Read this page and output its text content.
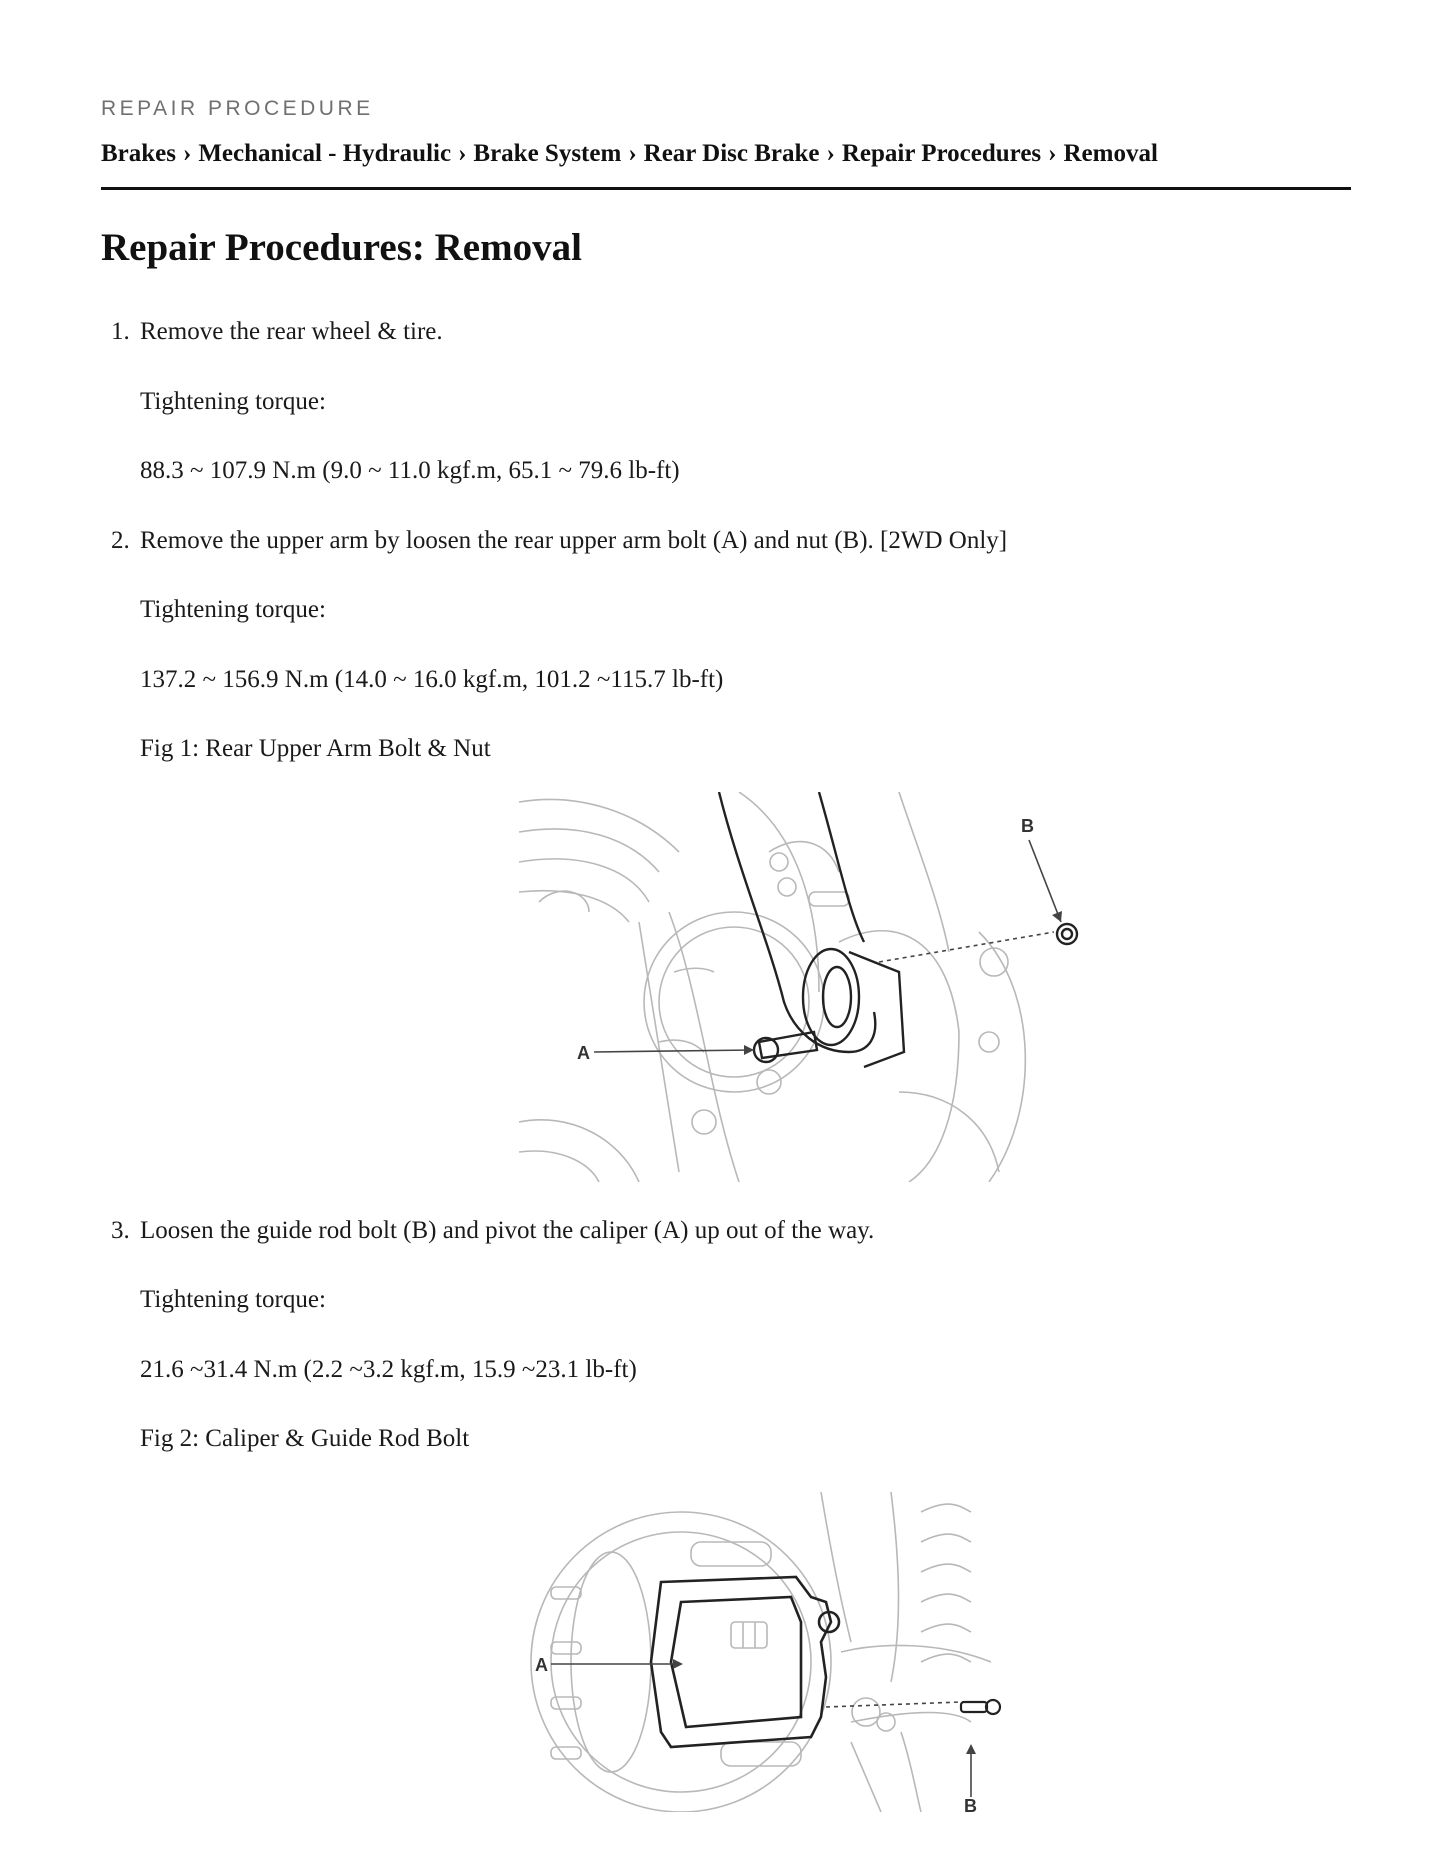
REPAIR PROCEDURE
Brakes › Mechanical - Hydraulic › Brake System › Rear Disc Brake › Repair Procedures › Removal
Repair Procedures: Removal
1. Remove the rear wheel & tire.
Tightening torque:
88.3 ~ 107.9 N.m (9.0 ~ 11.0 kgf.m, 65.1 ~ 79.6 lb-ft)
2. Remove the upper arm by loosen the rear upper arm bolt (A) and nut (B). [2WD Only]
Tightening torque:
137.2 ~ 156.9 N.m (14.0 ~ 16.0 kgf.m, 101.2 ~115.7 lb-ft)
Fig 1: Rear Upper Arm Bolt & Nut
A
B
3. Loosen the guide rod bolt (B) and pivot the caliper (A) up out of the way.
Tightening torque:
21.6 ~31.4 N.m (2.2 ~3.2 kgf.m, 15.9 ~23.1 lb-ft)
Fig 2: Caliper & Guide Rod Bolt
A
B
